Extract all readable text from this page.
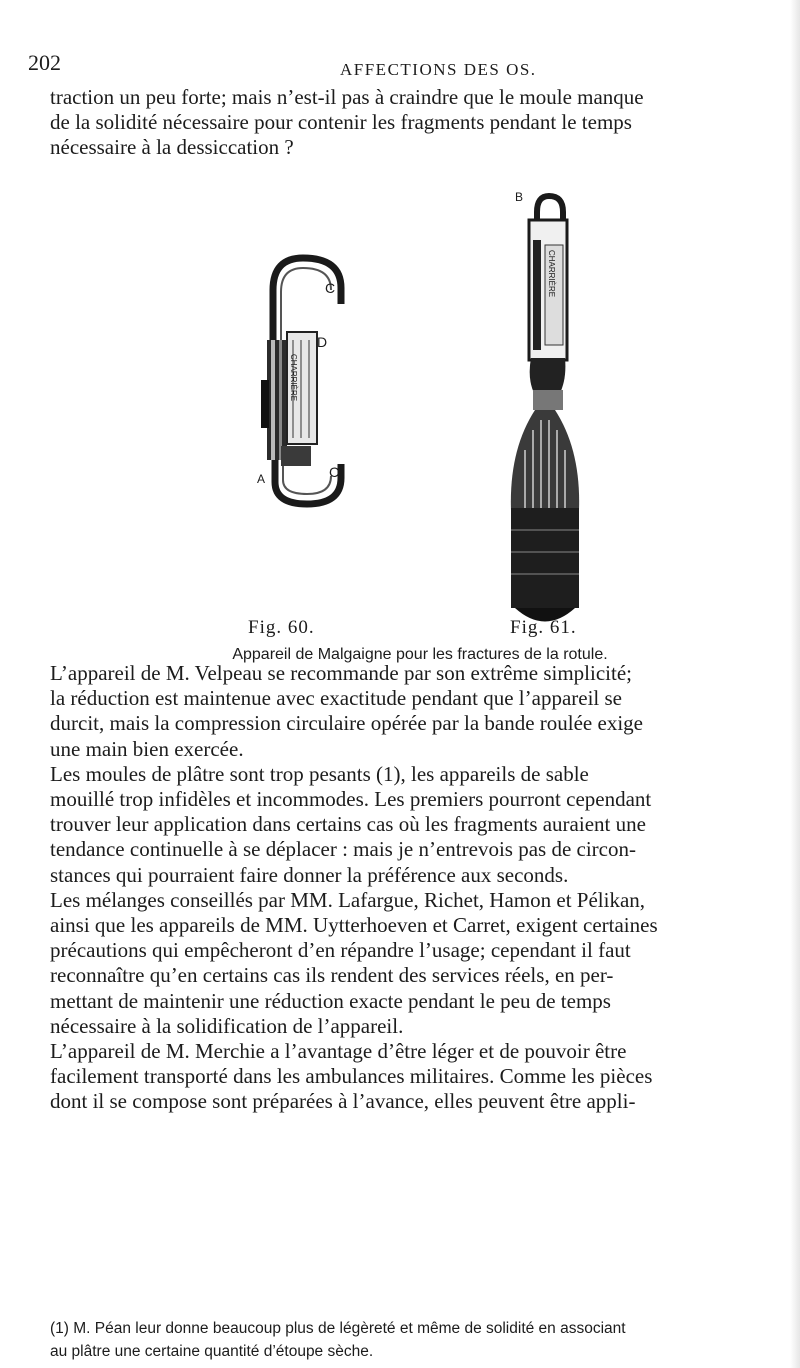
202	AFFECTIONS DES OS.
traction un peu forte; mais n’est-il pas à craindre que le moule manque
de la solidité nécessaire pour contenir les fragments pendant le temps
nécessaire à la dessiccation ?
C
D
C
A
CHARRIÈRE
B
CHARRIÈRE
Fig. 60.	Fig. 61.
Appareil de Malgaigne pour les fractures de la rotule.
L’appareil de M. Velpeau se recommande par son extrême simplicité;
la réduction est maintenue avec exactitude pendant que l’appareil se
durcit, mais la compression circulaire opérée par la bande roulée exige
une main bien exercée.
Les moules de plâtre sont trop pesants (1), les appareils de sable
mouillé trop infidèles et incommodes. Les premiers pourront cependant
trouver leur application dans certains cas où les fragments auraient une
tendance continuelle à se déplacer : mais je n’entrevois pas de circon-
stances qui pourraient faire donner la préférence aux seconds.
Les mélanges conseillés par MM. Lafargue, Richet, Hamon et Pélikan,
ainsi que les appareils de MM. Uytterhoeven et Carret, exigent certaines
précautions qui empêcheront d’en répandre l’usage; cependant il faut
reconnaître qu’en certains cas ils rendent des services réels, en per-
mettant de maintenir une réduction exacte pendant le peu de temps
nécessaire à la solidification de l’appareil.
L’appareil de M. Merchie a l’avantage d’être léger et de pouvoir être
facilement transporté dans les ambulances militaires. Comme les pièces
dont il se compose sont préparées à l’avance, elles peuvent être appli-
(1) M. Péan leur donne beaucoup plus de légèreté et même de solidité en associant
au plâtre une certaine quantité d’étoupe sèche.
